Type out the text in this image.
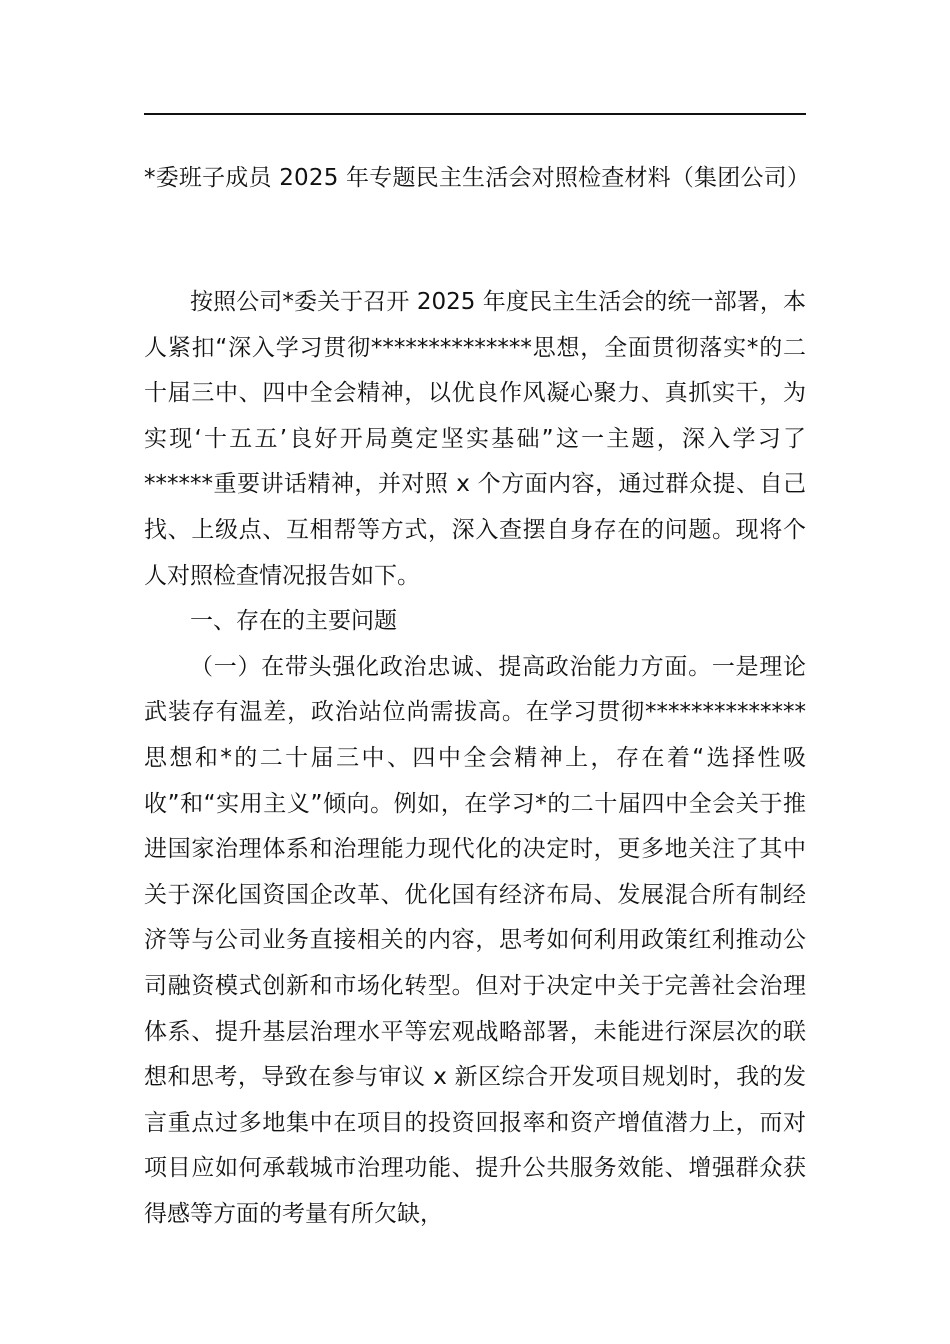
*委班子成员 2025 年专题民主生活会对照检查材料（集团公司）

按照公司*委关于召开 2025 年度民主生活会的统一部署，本人紧扣“深入学习贯彻**************思想，全面贯彻落实*的二十届三中、四中全会精神，以优良作风凝心聚力、真抓实干，为实现‘十五五’良好开局奠定坚实基础”这一主题，深入学习了******重要讲话精神，并对照 x 个方面内容，通过群众提、自己找、上级点、互相帮等方式，深入查摆自身存在的问题。现将个人对照检查情况报告如下。

一、存在的主要问题

（一）在带头强化政治忠诚、提高政治能力方面。一是理论武装存有温差，政治站位尚需拔高。在学习贯彻**************思想和*的二十届三中、四中全会精神上，存在着“选择性吸收”和“实用主义”倾向。例如，在学习*的二十届四中全会关于推进国家治理体系和治理能力现代化的决定时，更多地关注了其中关于深化国资国企改革、优化国有经济布局、发展混合所有制经济等与公司业务直接相关的内容，思考如何利用政策红利推动公司融资模式创新和市场化转型。但对于决定中关于完善社会治理体系、提升基层治理水平等宏观战略部署，未能进行深层次的联想和思考，导致在参与审议 x 新区综合开发项目规划时，我的发言重点过多地集中在项目的投资回报率和资产增值潜力上，而对项目应如何承载城市治理功能、提升公共服务效能、增强群众获得感等方面的考量有所欠缺，
